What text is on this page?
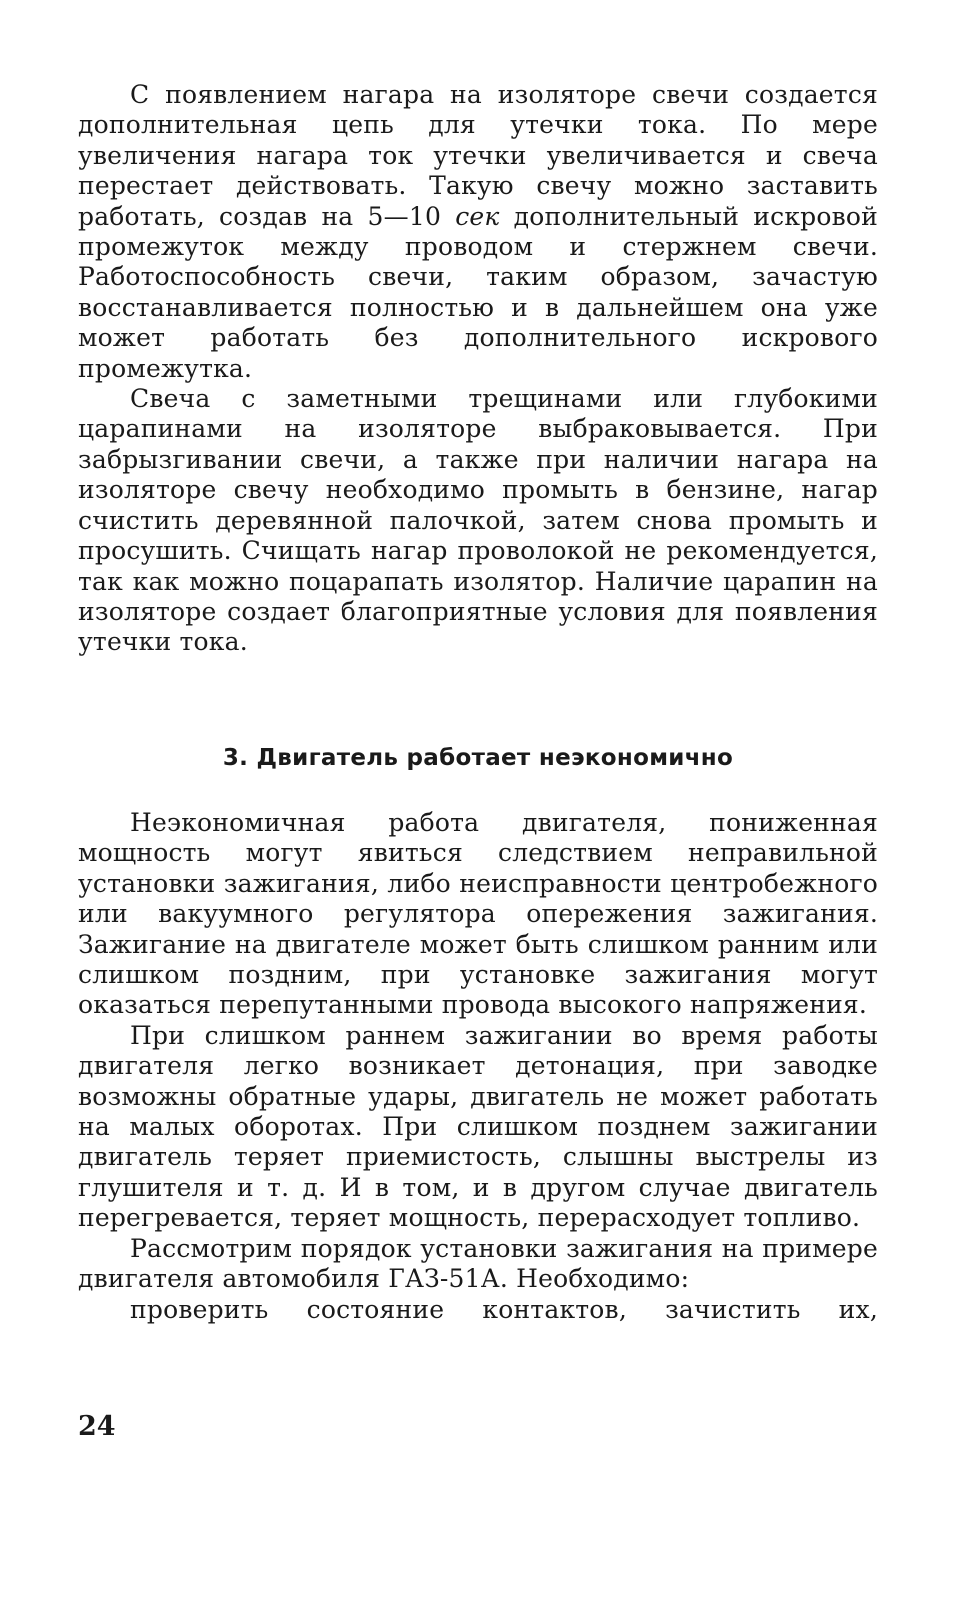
С появлением нагара на изоляторе свечи создается дополнительная цепь для утечки тока. По мере увеличения нагара ток утечки увеличивается и свеча перестает действовать. Такую свечу можно заставить работать, создав на 5—10 сек дополнительный искровой промежуток между проводом и стержнем свечи. Работоспособность свечи, таким образом, зачастую восстанавливается полностью и в дальнейшем она уже может работать без дополнительного искрового промежутка.

Свеча с заметными трещинами или глубокими царапинами на изоляторе выбраковывается. При забрызгивании свечи, а также при наличии нагара на изоляторе свечу необходимо промыть в бензине, нагар счистить деревянной палочкой, затем снова промыть и просушить. Счищать нагар проволокой не рекомендуется, так как можно поцарапать изолятор. Наличие царапин на изоляторе создает благоприятные условия для появления утечки тока.

3. Двигатель работает неэкономично

Неэкономичная работа двигателя, пониженная мощность могут явиться следствием неправильной установки зажигания, либо неисправности центробежного или вакуумного регулятора опережения зажигания. Зажигание на двигателе может быть слишком ранним или слишком поздним, при установке зажигания могут оказаться перепутанными провода высокого напряжения.

При слишком раннем зажигании во время работы двигателя легко возникает детонация, при заводке возможны обратные удары, двигатель не может работать на малых оборотах. При слишком позднем зажигании двигатель теряет приемистость, слышны выстрелы из глушителя и т. д. И в том, и в другом случае двигатель перегревается, теряет мощность, перерасходует топливо.

Рассмотрим порядок установки зажигания на примере двигателя автомобиля ГАЗ-51А. Необходимо:

проверить состояние контактов, зачистить их,

24
